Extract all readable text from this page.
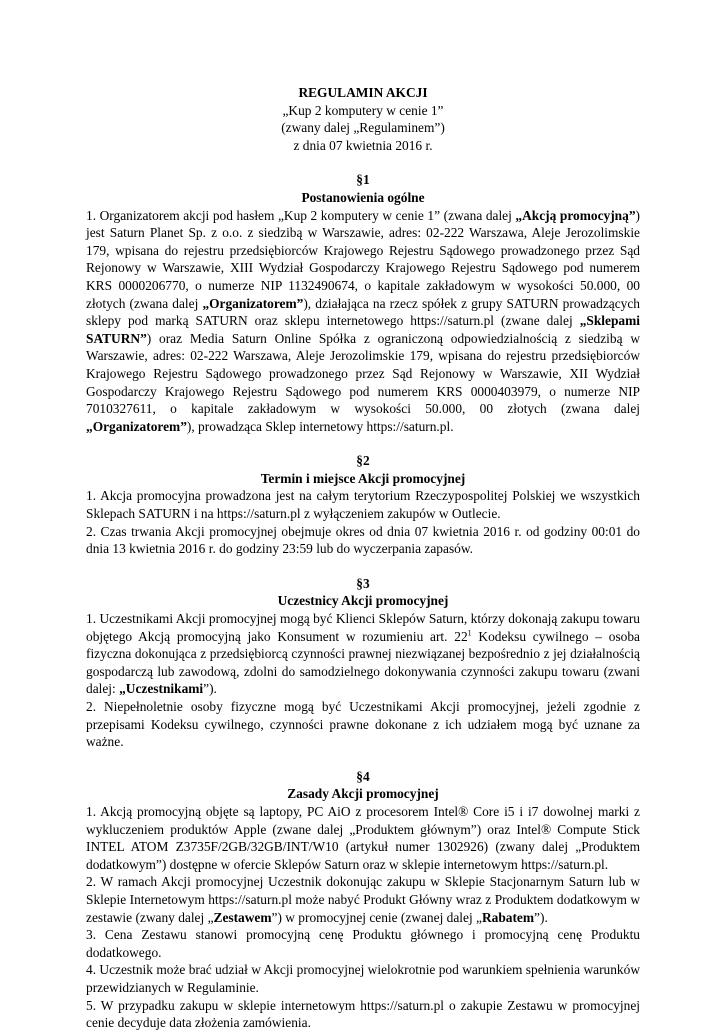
REGULAMIN AKCJI
„Kup 2 komputery w cenie 1”
(zwany dalej „Regulaminem”)
z dnia 07 kwietnia 2016 r.
§1
Postanowienia ogólne

1. Organizatorem akcji pod hasłem „Kup 2 komputery w cenie 1” (zwana dalej „Akcją promocyjną”) jest Saturn Planet Sp. z o.o. z siedzibą w Warszawie, adres: 02-222 Warszawa, Aleje Jerozolimskie 179, wpisana do rejestru przedsiębiorców Krajowego Rejestru Sądowego prowadzonego przez Sąd Rejonowy w Warszawie, XIII Wydział Gospodarczy Krajowego Rejestru Sądowego pod numerem KRS 0000206770, o numerze NIP 1132490674, o kapitale zakładowym w wysokości 50.000, 00 złotych (zwana dalej „Organizatorem”), działająca na rzecz spółek z grupy SATURN prowadzących sklepy pod marką SATURN oraz sklepu internetowego https://saturn.pl (zwane dalej „Sklepami SATURN”) oraz Media Saturn Online Spółka z ograniczoną odpowiedzialnością z siedzibą w Warszawie, adres: 02-222 Warszawa, Aleje Jerozolimskie 179, wpisana do rejestru przedsiębiorców Krajowego Rejestru Sądowego prowadzonego przez Sąd Rejonowy w Warszawie, XII Wydział Gospodarczy Krajowego Rejestru Sądowego pod numerem KRS 0000403979, o numerze NIP 7010327611, o kapitale zakładowym w wysokości 50.000, 00 złotych (zwana dalej „Organizatorem”), prowadząca Sklep internetowy https://saturn.pl.

§2
Termin i miejsce Akcji promocyjnej

1. Akcja promocyjna prowadzona jest na całym terytorium Rzeczypospolitej Polskiej we wszystkich Sklepach SATURN i na https://saturn.pl z wyłączeniem zakupów w Outlecie.

2. Czas trwania Akcji promocyjnej obejmuje okres od dnia 07 kwietnia 2016 r. od godziny 00:01 do dnia 13 kwietnia 2016 r. do godziny 23:59 lub do wyczerpania zapasów.

§3
Uczestnicy Akcji promocyjnej

1. Uczestnikami Akcji promocyjnej mogą być Klienci Sklepów Saturn, którzy dokonają zakupu towaru objętego Akcją promocyjną jako Konsument w rozumieniu art. $22^1$ Kodeksu cywilnego – osoba fizyczna dokonująca z przedsiębiorcą czynności prawnej niezwiązanej bezpośrednio z jej działalnością gospodarczą lub zawodową, zdolni do samodzielnego dokonywania czynności zakupu towaru (zwani dalej: „Uczestnikami”).

2. Niepełnoletnie osoby fizyczne mogą być Uczestnikami Akcji promocyjnej, jeżeli zgodnie z przepisami Kodeksu cywilnego, czynności prawne dokonane z ich udziałem mogą być uznane za ważne.

§4
Zasady Akcji promocyjnej

1. Akcją promocyjną objęte są laptopy, PC AiO z procesorem Intel® Core i5 i i7 dowolnej marki z wykluczeniem produktów Apple (zwane dalej „Produktem głównym”) oraz Intel® Compute Stick INTEL ATOM Z3735F/2GB/32GB/INT/W10 (artykuł numer 1302926) (zwany dalej „Produktem dodatkowym”) dostępne w ofercie Sklepów Saturn oraz w sklepie internetowym https://saturn.pl.

2. W ramach Akcji promocyjnej Uczestnik dokonując zakupu w Sklepie Stacjonarnym Saturn lub w Sklepie Internetowym https://saturn.pl może nabyć Produkt Główny wraz z Produktem dodatkowym w zestawie (zwany dalej „Zestawem”) w promocyjnej cenie (zwanej dalej „Rabatem”).

3. Cena Zestawu stanowi promocyjną cenę Produktu głównego i promocyjną cenę Produktu dodatkowego.

4. Uczestnik może brać udział w Akcji promocyjnej wielokrotnie pod warunkiem spełnienia warunków przewidzianych w Regulaminie.

5. W przypadku zakupu w sklepie internetowym https://saturn.pl o zakupie Zestawu w promocyjnej cenie decyduje data złożenia zamówienia.
